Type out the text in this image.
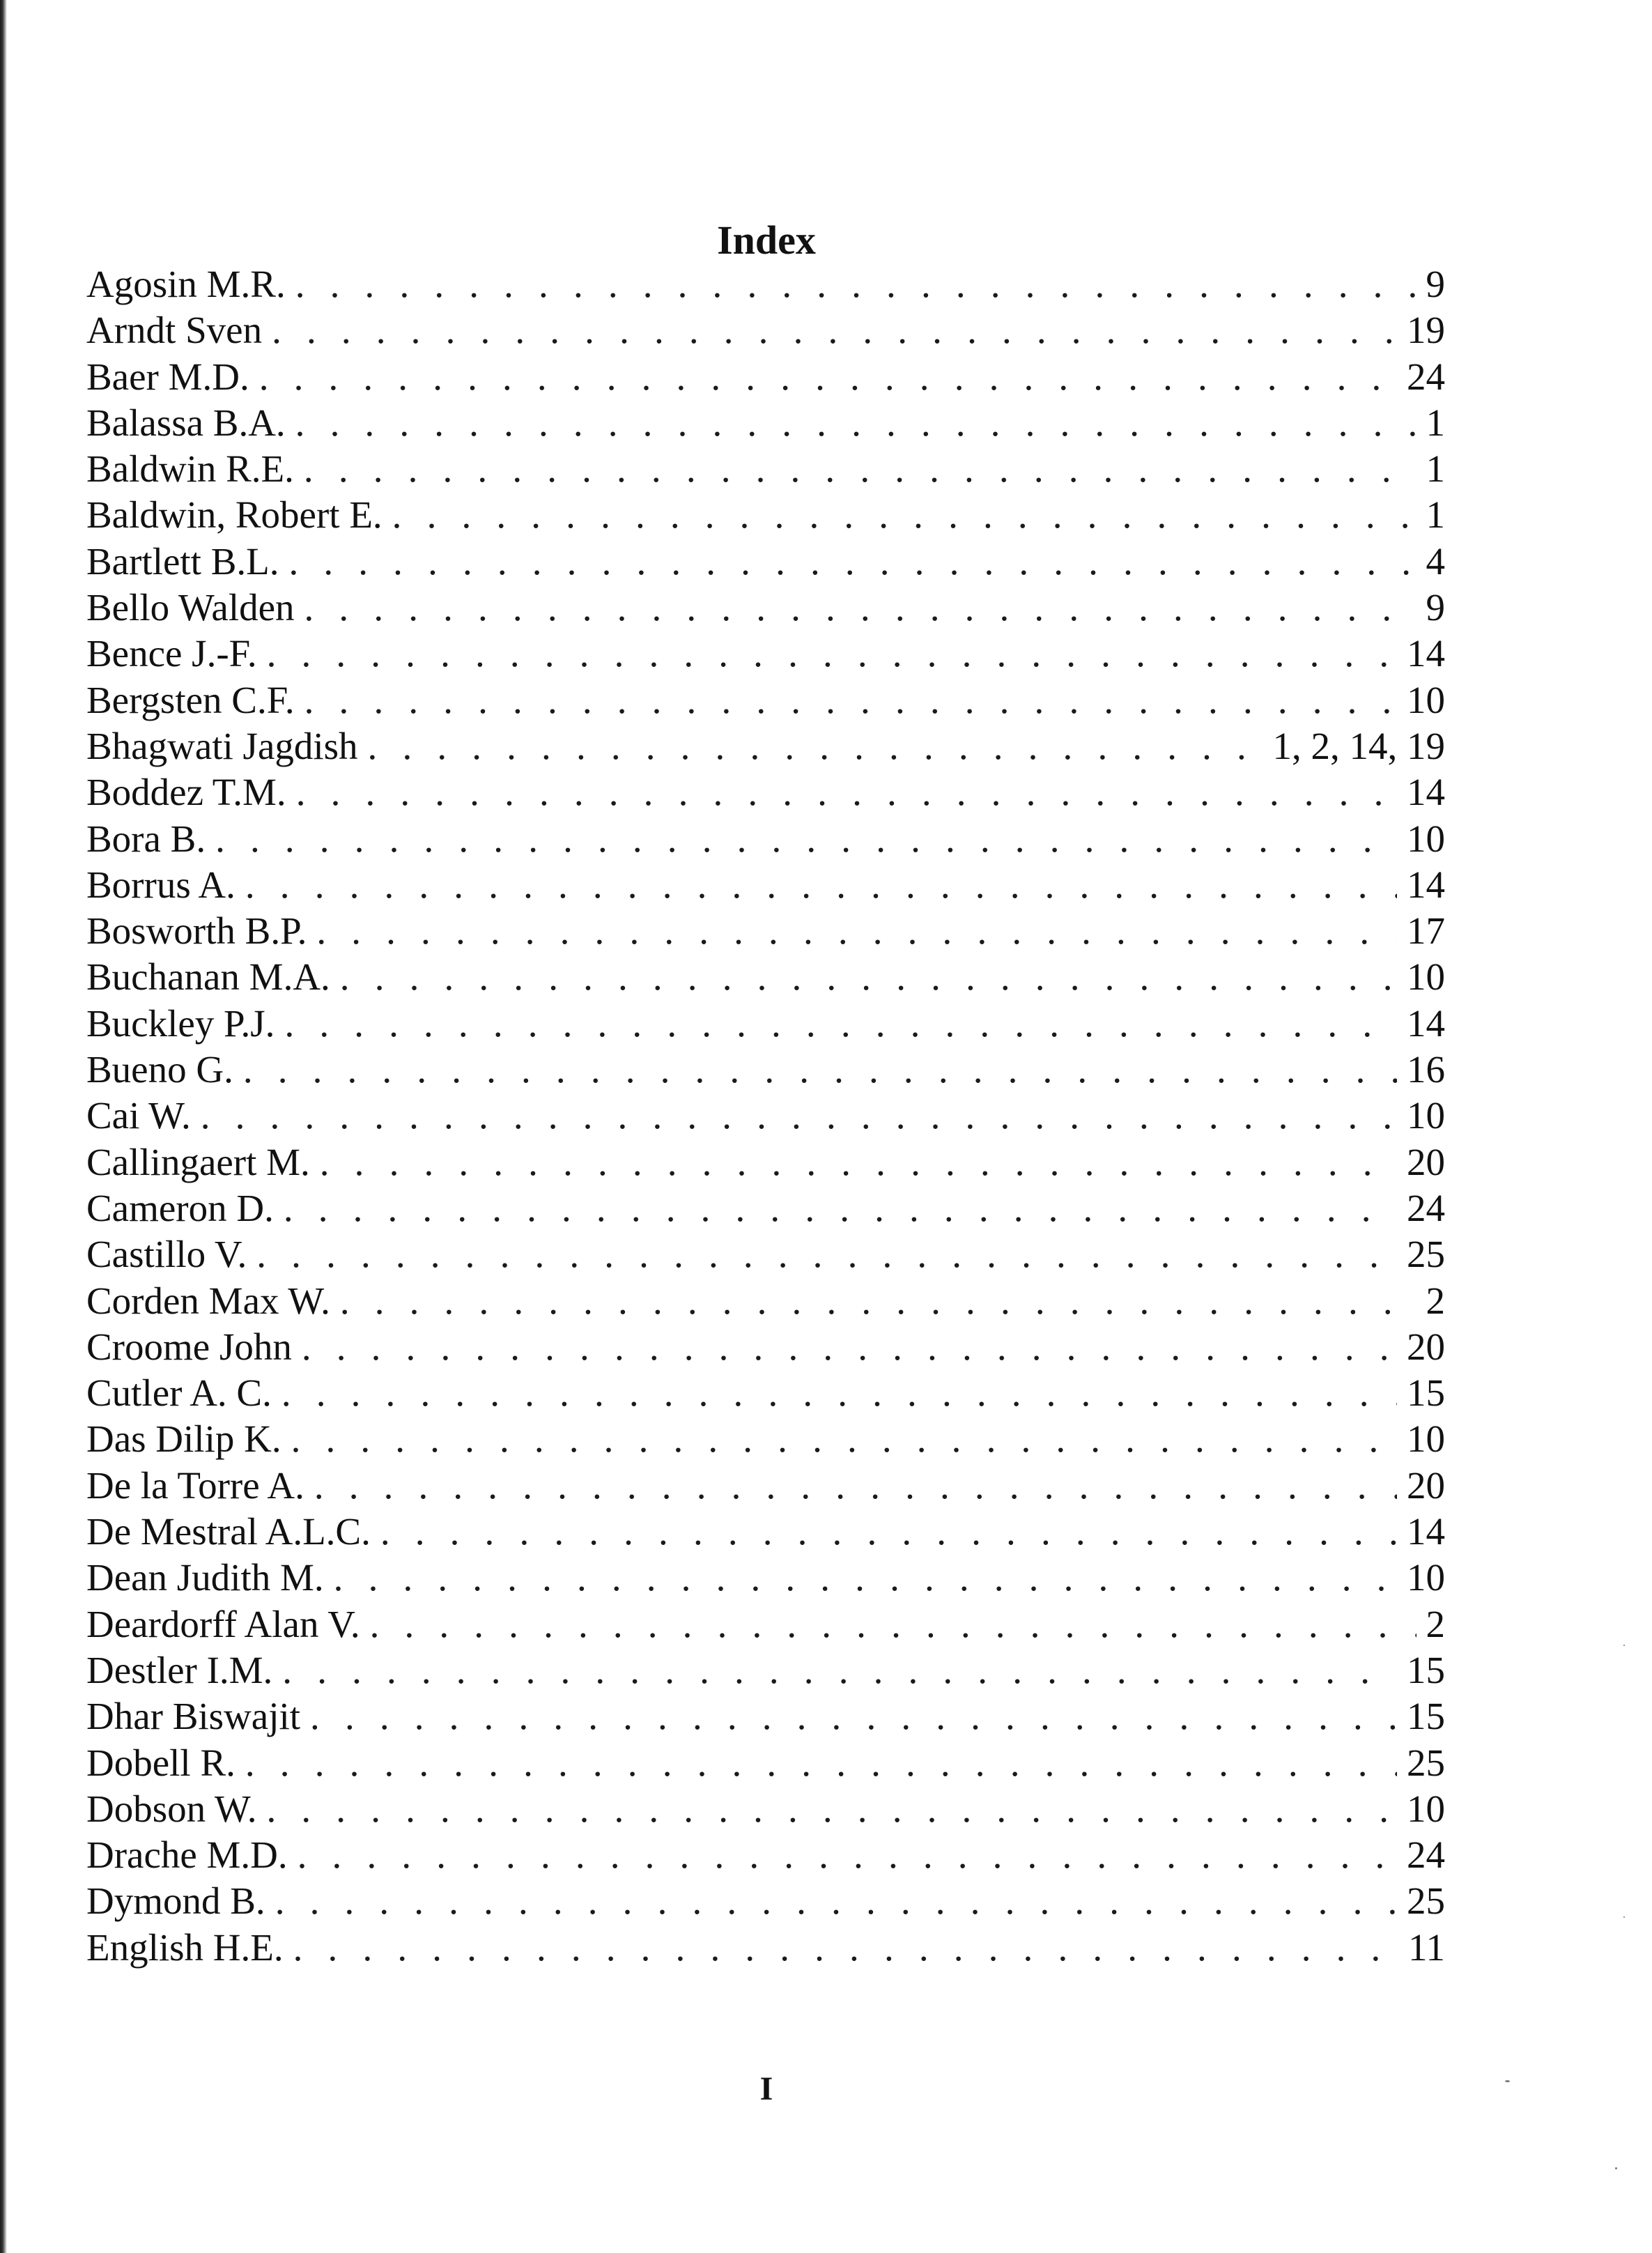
Index
Agosin M.R. . . .	9
Arndt Sven . . .	19
Baer M.D. . . .	24
Balassa B.A. . . .	1
Baldwin R.E. . . .	1
Baldwin, Robert E. . . .	1
Bartlett B.L. . . .	4
Bello Walden . . .	9
Bence J.-F. . . .	14
Bergsten C.F. . . .	10
Bhagwati Jagdish . . .	1, 2, 14, 19
Boddez T.M. . . .	14
Bora B. . . .	10
Borrus A. . . .	14
Bosworth B.P. . . .	17
Buchanan M.A. . . .	10
Buckley P.J. . . .	14
Bueno G. . . .	16
Cai W. . . .	10
Callingaert M. . . .	20
Cameron D. . . .	24
Castillo V. . . .	25
Corden Max W. . . .	2
Croome John . . .	20
Cutler A. C. . . .	15
Das Dilip K. . . .	10
De la Torre A. . . .	20
De Mestral A.L.C. . . .	14
Dean Judith M. . . .	10
Deardorff Alan V. . . .	2
Destler I.M. . . .	15
Dhar Biswajit . . .	15
Dobell R. . . .	25
Dobson W. . . .	10
Drache M.D. . . .	24
Dymond B. . . .	25
English H.E. . . .	11
I
